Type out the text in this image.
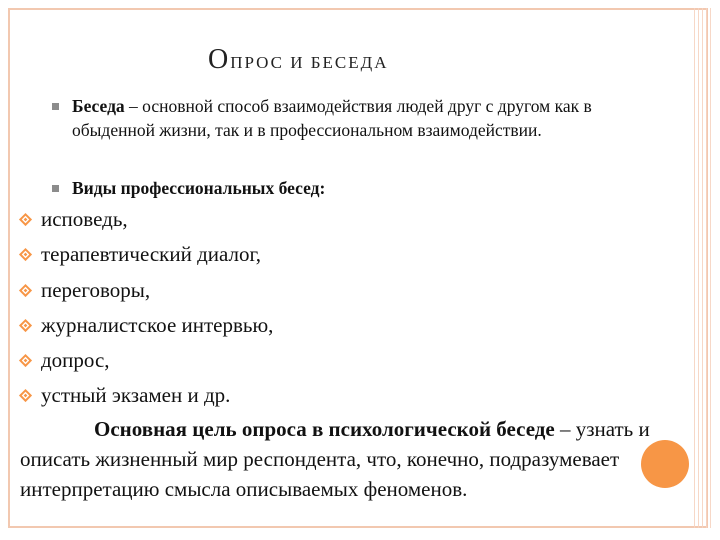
ОПРОС И БЕСЕДА

Беседа – основной способ взаимодействия людей друг с другом как в обыденной жизни, так и в профессиональном взаимодействии.

Виды профессиональных бесед:

исповедь,
терапевтический диалог,
переговоры,
журналистское интервью,
допрос,
устный экзамен и др.

Основная цель опроса в психологической беседе – узнать и описать жизненный мир респондента, что, конечно, подразумевает интерпретацию смысла описываемых феноменов.
